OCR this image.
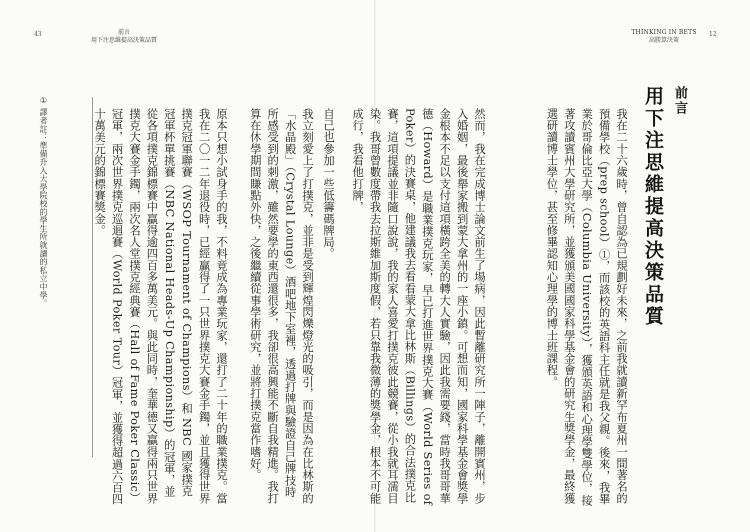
43	前言
用下注思維提高決策品質
THINKING IN BETS
高勝算決策
12
前言
用下注思維提高決策品質
我在二十六歲時，曾自認為已規劃好未來，之前我就讀新罕布夏州一間著名的預備學校（prep school）①，而該校的英語科主任就是我父親。後來，我畢業於哥倫比亞大學（Columbia University），獲頒英語和心理學雙學位，接著攻讀賓州大學研究所，並獲頒美國國家科學基金會的研究生獎學金，最終獲選研讀博士學位，甚至修畢認知心理學的博士班課程。
然而，我在完成博士論文前生了場病，因此暫離研究所一陣子，離開賓州，步入婚姻，最後舉家搬到蒙大拿州的一座小鎮。可想而知，國家科學基金會獎學金根本不足以支付這項橫跨全美的轉大人實驗，因此我需要錢，當時我哥哥華德（Howard）是職業撲克玩家，早已打進世界撲克大賽（World Series of Poker）的決賽桌，他建議我去看看蒙大拿比林斯（Billings）的合法撲克比賽，這項提議並非隨口說說，我的家人喜愛打撲克彼此競賽，從小我就耳濡目染。我哥曾數度帶我去拉斯維加斯度假，若只靠我微薄的獎學金，根本不可能成行，我看他打牌，
自己也參加一些低籌碼牌局。
我立刻愛上了打撲克，並非是受到輝煌閃爍燈光的吸引，而是因為在比林斯的「水晶殿」（Crystal Lounge）酒吧地下室裡，透過打牌與驗證自己牌技時所感受到的刺激，雖然要學的東西還很多，我卻很高興能不斷自我精進。我打算在休學期間賺點外快，之後繼續從事學術研究，並將打撲克當作嗜好。
原本只想小試身手的我，不料竟成為專業玩家，還打了二十年的職業撲克。當我在二〇一二年退役時，已經贏得了一只世界撲克大賽金手鐲，並且獲得世界撲克冠軍聯賽（WSOP Tournament of Champions）和 NBC 國家撲克冠軍杯單挑賽（NBC National Heads-Up Championship）的冠軍，並從各項撲克錦標賽中贏得逾四百多萬美元。與此同時，奎華德又贏得兩只世界撲克大賽金手鐲，兩次名人堂撲克經典賽（Hall of Fame Poker Classic）冠軍，兩次世界撲克巡迴賽（World Poker Tour）冠軍，並獲得超過六百四十萬美元的錦標賽獎金。
① 譯者註：準備升入大學院校的學生所就讀的私立中學。
